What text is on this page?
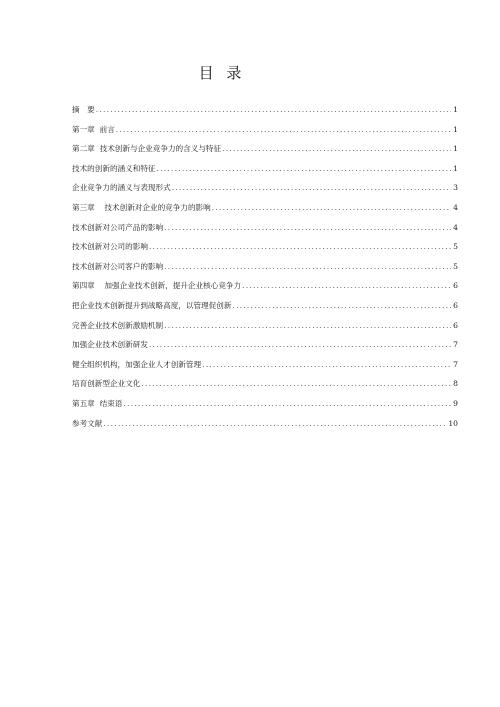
目 录
摘　要 .....	1
第一章  前言 .....	1
第二章  技术创新与企业竞争力的含义与特征 .....	1
技术的创新的涵义和特征 .....	1
企业竞争力的涵义与表现形式 .....	3
第三章    技术创新对企业的竞争力的影响 .....	4
技术创新对公司产品的影响 .....	4
技术创新对公司的影响 .....	5
技术创新对公司客户的影响 .....	5
第四章    加强企业技术创新，提升企业核心竞争力 .....	6
把企业技术创新提升到战略高度，以管理促创新 .....	6
完善企业技术创新激励机制 .....	6
加强企业技术创新研发 .....	7
健全组织机构，加强企业人才创新管理 .....	7
培育创新型企业文化 .....	8
第五章  结束语 .....	9
参考文献 .....	10
